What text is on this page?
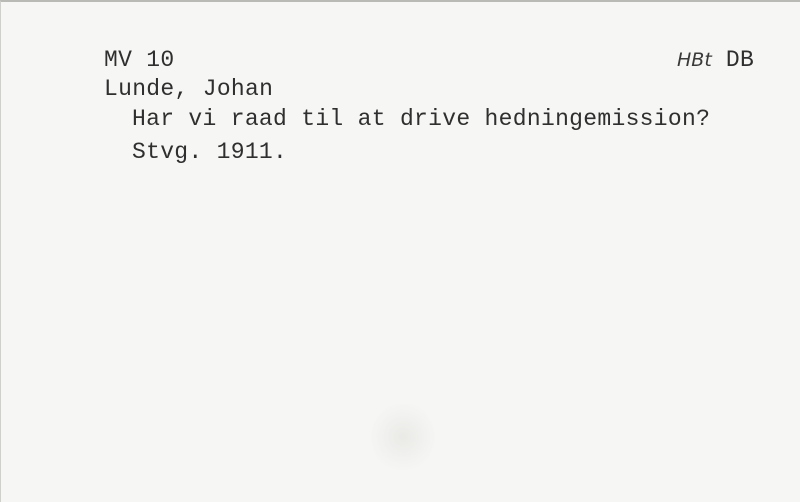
MV 10	HBt DB
Lunde, Johan
Har vi raad til at drive hedningemission?
Stvg. 1911.
